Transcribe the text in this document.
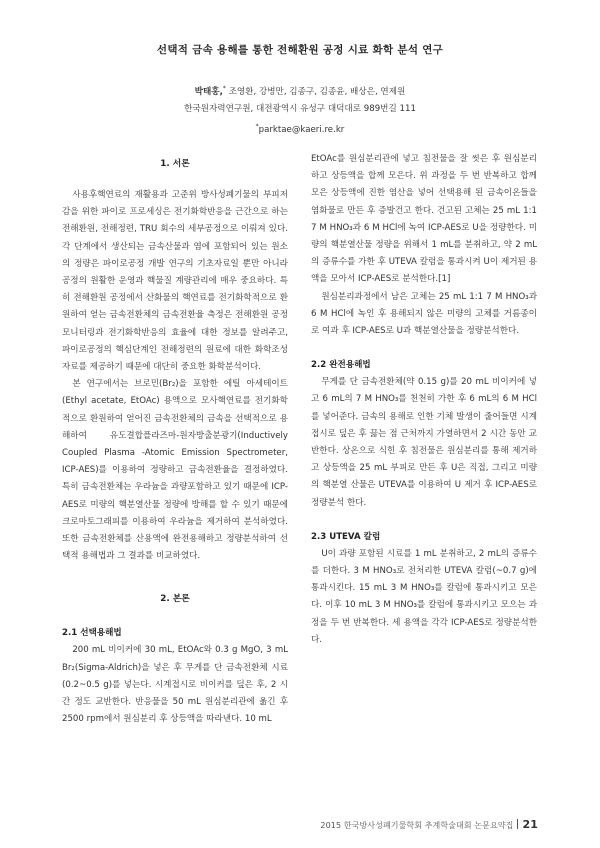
선택적 금속 용해를 통한 전해환원 공정 시료 화학 분석 연구
박태홍,* 조영환, 강병만, 김종구, 김종윤, 배상은, 연제원
한국원자력연구원, 대전광역시 유성구 대덕대로 989번길 111
*parktae@kaeri.re.kr
1. 서론

사용후핵연료의 재활용과 고준위 방사성폐기물의 부피저감을 위한 파이로 프로세싱은 전기화학반응을 근간으로 하는 전해환원, 전해정련, TRU 회수의 세부공정으로 이뤄져 있다. 각 단계에서 생산되는 금속산물과 염에 포함되어 있는 원소의 정량은 파이로공정 개발 연구의 기초자료일 뿐만 아니라 공정의 원활한 운영과 핵물질 계량관리에 매우 중요하다. 특히 전해환원 공정에서 산화물의 핵연료를 전기화학적으로 환원하여 얻는 금속전환체의 금속전환율 측정은 전해환원 공정 모니터링과 전기화학반응의 효율에 대한 정보를 알려주고, 파이로공정의 핵심단계인 전해정련의 원료에 대한 화학조성 자료를 제공하기 때문에 대단히 중요한 화학분석이다.

본 연구에서는 브로민(Br₂)을 포함한 에틸 아세테이트(Ethyl acetate, EtOAc) 용액으로 모사핵연료를 전기화학적으로 환원하여 얻어진 금속전환체의 금속을 선택적으로 용해하여 유도결합플라즈마-원자방출분광기(Inductively Coupled Plasma -Atomic Emission Spectrometer, ICP-AES)를 이용하여 정량하고 금속전환율을 결정하였다. 특히 금속전환체는 우라늄을 과량포함하고 있기 때문에 ICP-AES로 미량의 핵분열산물 정량에 방해를 할 수 있기 때문에 크로마토그래피를 이용하여 우라늄을 제거하여 분석하였다. 또한 금속전환체를 산용액에 완전용해하고 정량분석하여 선택적 용해법과 그 결과를 비교하였다.

2. 본론
2.1 선택용해법

200 mL 비이커에 30 mL, EtOAc와 0.3 g MgO, 3 mL Br₂(Sigma-Aldrich)을 넣은 후 무게를 단 금속전환체 시료(0.2~0.5 g)를 넣는다. 시계접시로 비이커를 덮은 후, 2 시간 정도 교반한다. 반응물을 50 mL 원심분리관에 옮긴 후 2500 rpm에서 원심분리 후 상등액을 따라낸다. 10 mL

EtOAc를 원심분리관에 넣고 침전물을 잘 씻은 후 원심분리하고 상등액을 합께 모은다. 위 과정을 두 번 반복하고 합께 모은 상등액에 진한 염산을 넣어 선택용해 된 금속이온들을 염화물로 만든 후 증발건고 한다. 건고된 고체는 25 mL 1:1 7 M HNO₃과 6 M HCl에 녹여 ICP-AES로 U을 정량한다. 미량의 핵분열산물 정량을 위해서 1 mL를 분취하고, 약 2 mL의 증류수를 가한 후 UTEVA 칼럼을 통과시켜 U이 제거된 용액을 모아서 ICP-AES로 분석한다.[1]

원심분리과정에서 남은 고체는 25 mL 1:1 7 M HNO₃과 6 M HCl에 녹인 후 용해되지 않은 미량의 고체를 거름종이로 여과 후 ICP-AES로 U과 핵분열산물을 정량분석한다.

2.2 완전용해법

무게를 단 금속전환체(약 0.15 g)를 20 mL 비이커에 넣고 6 mL의 7 M HNO₃를 천천히 가한 후 6 mL의 6 M HCl를 넣어준다. 금속의 용해로 인한 기체 발생이 줄어들면 시계접시로 덮은 후 끓는 점 근처까지 가열하면서 2 시간 동안 교반한다. 상온으로 식힌 후 침전물은 원심분리를 통해 제거하고 상등액을 25 mL 부피로 만든 후 U은 직접, 그리고 미량의 핵분열 산물은 UTEVA를 이용하여 U 제거 후 ICP-AES로 정량분석 한다.

2.3 UTEVA 칼럼

U이 과량 포함된 시료를 1 mL 분취하고, 2 mL의 증류수를 더한다. 3 M HNO₃로 전처리한 UTEVA 칼럼(~0.7 g)에 통과시킨다. 15 mL 3 M HNO₃를 칼럼에 통과시키고 모은다. 이후 10 mL 3 M HNO₃를 칼럼에 통과시키고 모으는 과정을 두 번 반복한다. 세 용액을 각각 ICP-AES로 정량분석한다.

2015 한국방사성폐기물학회 추계학술대회 논문요약집 21
